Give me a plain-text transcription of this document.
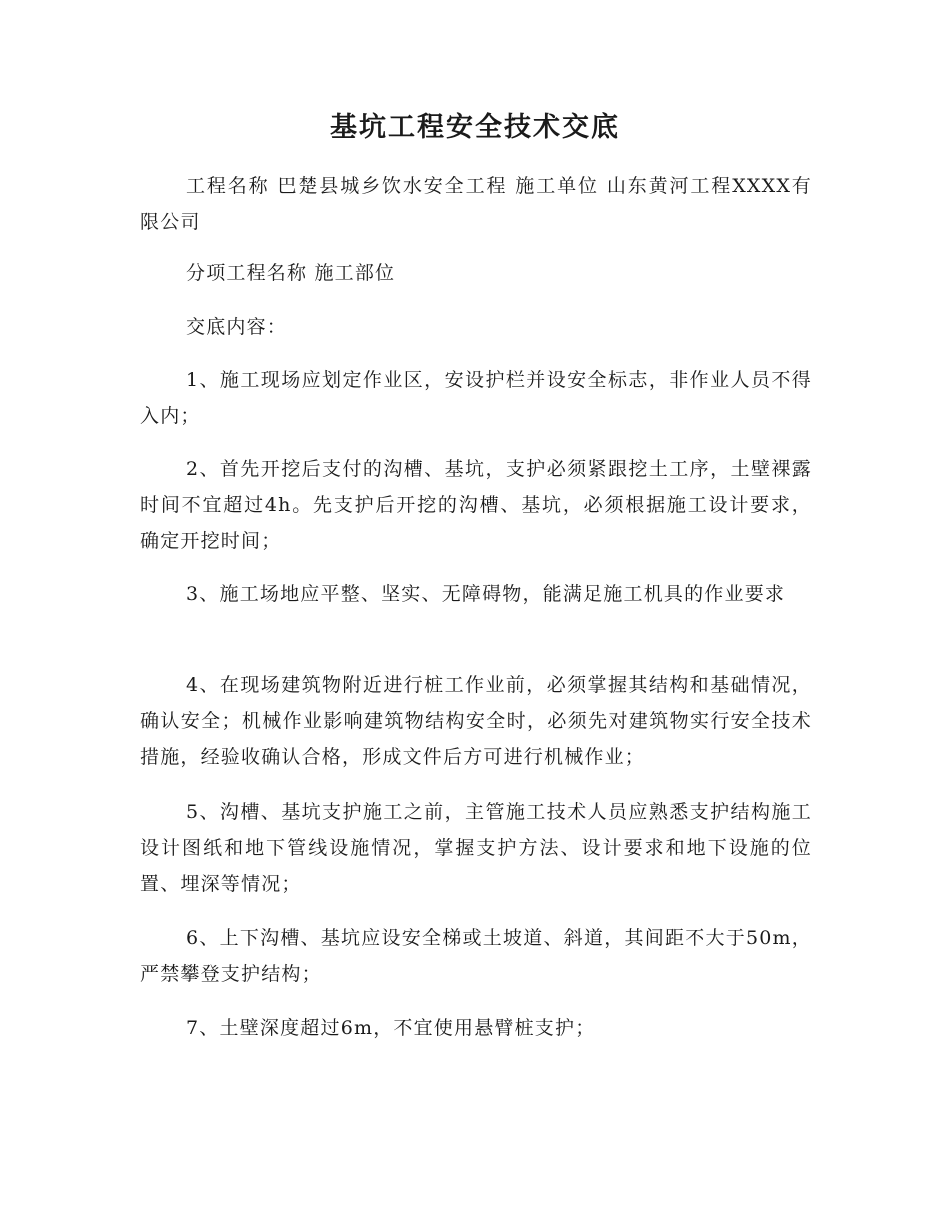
基坑工程安全技术交底

工程名称 巴楚县城乡饮水安全工程 施工单位 山东黄河工程XXXX有限公司

分项工程名称 施工部位

交底内容：

1、施工现场应划定作业区，安设护栏并设安全标志，非作业人员不得入内；

2、首先开挖后支付的沟槽、基坑，支护必须紧跟挖土工序，土壁裸露时间不宜超过4h。先支护后开挖的沟槽、基坑，必须根据施工设计要求，确定开挖时间；

3、施工场地应平整、坚实、无障碍物，能满足施工机具的作业要求

4、在现场建筑物附近进行桩工作业前，必须掌握其结构和基础情况，确认安全；机械作业影响建筑物结构安全时，必须先对建筑物实行安全技术措施，经验收确认合格，形成文件后方可进行机械作业；

5、沟槽、基坑支护施工之前，主管施工技术人员应熟悉支护结构施工设计图纸和地下管线设施情况，掌握支护方法、设计要求和地下设施的位置、埋深等情况；

6、上下沟槽、基坑应设安全梯或土坡道、斜道，其间距不大于50m，严禁攀登支护结构；

7、土壁深度超过6m，不宜使用悬臂桩支护；
